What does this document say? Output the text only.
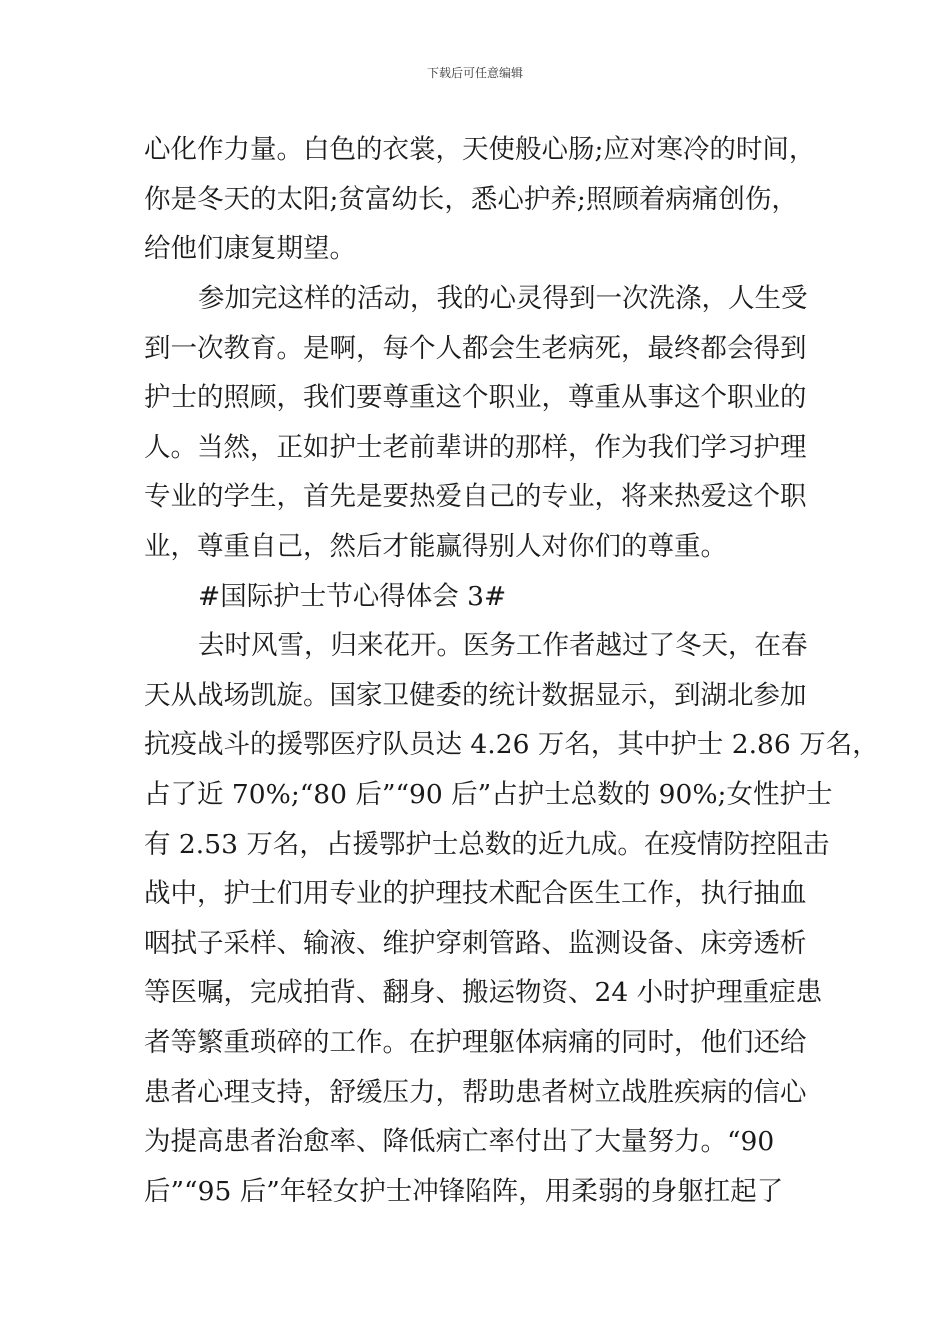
下载后可任意编辑
心化作力量。白色的衣裳，天使般心肠;应对寒冷的时间，
你是冬天的太阳;贫富幼长，悉心护养;照顾着病痛创伤，
给他们康复期望。
参加完这样的活动，我的心灵得到一次洗涤，人生受
到一次教育。是啊，每个人都会生老病死，最终都会得到
护士的照顾，我们要尊重这个职业，尊重从事这个职业的
人。当然，正如护士老前辈讲的那样，作为我们学习护理
专业的学生，首先是要热爱自己的专业，将来热爱这个职
业，尊重自己，然后才能赢得别人对你们的尊重。
#国际护士节心得体会 3#
去时风雪，归来花开。医务工作者越过了冬天，在春
天从战场凯旋。国家卫健委的统计数据显示，到湖北参加
抗疫战斗的援鄂医疗队员达 4.26 万名，其中护士 2.86 万名，
占了近 70%;“80 后”“90 后”占护士总数的 90%;女性护士
有 2.53 万名，占援鄂护士总数的近九成。在疫情防控阻击
战中，护士们用专业的护理技术配合医生工作，执行抽血
咽拭子采样、输液、维护穿刺管路、监测设备、床旁透析
等医嘱，完成拍背、翻身、搬运物资、24 小时护理重症患
者等繁重琐碎的工作。在护理躯体病痛的同时，他们还给
患者心理支持，舒缓压力，帮助患者树立战胜疾病的信心
为提高患者治愈率、降低病亡率付出了大量努力。“90
后”“95 后”年轻女护士冲锋陷阵，用柔弱的身躯扛起了
